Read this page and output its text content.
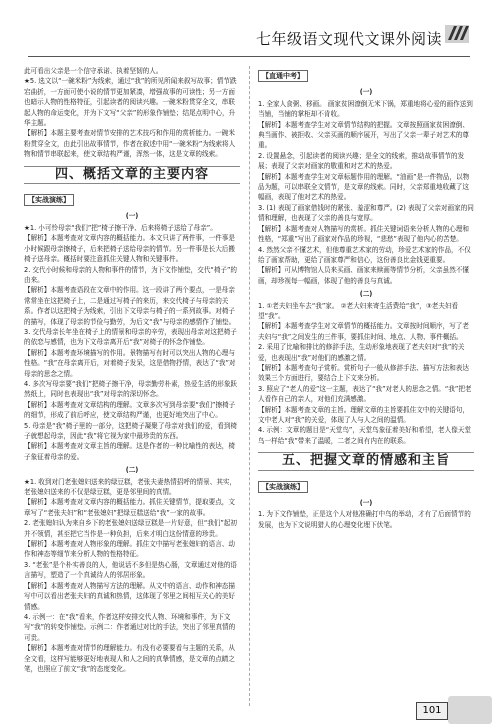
七年级语文现代文课外阅读

此可看出父亲是一个信守承诺、执着坚韧的人。

★5. 选文以“一碗米粉”为线索，通过“我”的所见所闻来叙写故事；情节跌宕曲折，一方面可使小说的情节更加紧凑，增强故事的可读性；另一方面也暗示人物的性格特征，引起读者的阅读兴趣。一碗米粉贯穿全文，串联起人物的命运变化，并为下文写“父亲”的形象作铺垫；结尾点明中心，升华主题。

【解析】本题主要考查对情节安排的艺术技巧和作用的赏析能力。一碗米粉贯穿全文，由此引出故事情节，作者在叙述中用“一碗米粉”为线索将人物和情节串联起来，使文章结构严谨，浑然一体，这是文章的线索。

四、概括文章的主要内容
【实战演练】
(一)

★1. 小可怜母亲“我们”把“椅子擦干净、后来将椅子送给了母亲”。

【解析】本题考查对文章内容的概括能力。本文只讲了两件事，一件事是小时候跟母亲擦椅子，后来把椅子送给母亲的情节。另一件事是长大后搬椅子送母亲。概括时要注意抓住关键人物和关键事件。

2. 交代小时候和母亲的人物和事件的情节，为下文作铺垫，交代“椅子”的由来。

【解析】本题考查语段在文章中的作用。这一段讲了两个要点，一是母亲常常坐在这把椅子上，二是通过写椅子的来历，来交代椅子与母亲的关系。作者以这把椅子为线索，引出下文母亲与椅子的一系列故事。对椅子的描写，体现了母亲的节俭与勤劳，为后文“我”与母亲的感情作了铺垫。

3. 交代母亲长年坐在椅子上的情景和母亲的辛劳，表现出母亲对这把椅子的依恋与感情，也为下文母亲离开后“我”对椅子的怀念作铺垫。

【解析】本题考查环境描写的作用。景物描写有时可以突出人物的心理与性格。“我”在母亲离开后，对着椅子发呆，这是借物抒情，表达了“我”对母亲的思念之情。

4. 多次写母亲要“我们”把椅子擦干净，母亲勤劳朴素，热爱生活的形象跃然纸上，同时也表现出“我”对母亲的深切怀念。

【解析】本题考查对文章结构的理解。文章多次写到母亲要“我们”擦椅子的细节，形成了前后呼应，使文章结构严谨，也更好地突出了中心。

5. 母亲是“我”椅子里的一部分，这把椅子凝聚了母亲对我们的爱，看到椅子就想起母亲，因此“我”将它视为家中最珍贵的东西。

【解析】本题考查对文章主旨的理解。这是作者的一种比喻性的表达，椅子象征着母亲的爱。

(二)

★1. 收到对门老张媳妇送来的绿豆糕，老张夫妻热情招呼的情景、其实，老张媳妇送来的不仅是绿豆糕，更是邻里间的真情。

【解析】本题考查对文章内容的概括能力。抓住关键情节，提取要点，文章写了“老张夫妇”和“老张媳妇”把绿豆糕送给“我”一家的故事。

2. 老张媳妇认为来自乡下的老张媳妇送绿豆糕是一片好意，但“我们”起初并不领情，甚至把它当作是一种负担，后来才明白这份情意的珍贵。

【解析】本题考查对人物形象的理解。抓住文中描写老张媳妇的语言、动作和神态等细节来分析人物的性格特征。

3. “老张”是个朴实善良的人，他说话不多但是热心肠，文章通过对他的语言描写，塑造了一个真诚待人的邻居形象。

【解析】本题考查对人物描写方法的理解。从文中的语言、动作和神态描写中可以看出老张夫妇的真诚和热情，这体现了邻里之间相互关心的美好情感。

4. 示例一：在“我”看来，作者这样安排交代人物、环境和事件，为下文写“我”的转变作铺垫。示例二：作者通过对比的手法，突出了邻里真情的可贵。

【解析】本题考查对情节的理解能力。有没有必要要看与主题的关系，从全文看，这样写能够更好地表现人和人之间的真挚情感，是文章的点睛之笔，也照应了前文“我”的态度变化。

【直通中考】
(一)

1. 全家人食粥、移画。 画家贫困潦倒无米下锅，郑重地将心爱的画作送到当铺，当铺的掌柜却不肯收。

【解析】本题考查学生对文章情节结构的把握。文章按照画家贫困潦倒、典当画作、被拒收、父亲买画的顺序展开，写出了父亲一辈子对艺术的尊重。

2. 设置悬念，引起读者的阅读兴趣；是全文的线索，推动故事情节的发展；表现了父亲对画家的敬重和对艺术的热爱。

【解析】本题考查学生对文章标题作用的理解。“油画”是一件物品，以物品为题，可以串联全文情节，是文章的线索。同时，父亲郑重地收藏了这幅画，表现了他对艺术的热爱。

3. (1) 表现了画家借钱时的紧张、羞涩和尊严。(2) 表现了父亲对画家的同情和理解，也表现了父亲的善良与宽厚。

【解析】本题考查对人物描写的赏析。抓住关键词语来分析人物的心理和性格，“郑重”写出了画家对作品的珍视，“悲愁”表现了他内心的苦楚。

4. 然然父亲不懂艺术，但他尊重艺术家的劳动，珍爱艺术家的作品，不仅给了画家帮助，更给了画家尊严和信心，这份善良比金钱更重要。

【解析】可从博物馆人员来买画、画家来赎画等情节分析，父亲虽然不懂画，却珍视每一幅画，体现了他的善良与真诚。

(二)

1. ①老夫妇坐车去“我”家。 ②老大妇来寄生活费给“我”，③老夫妇看望“我”。

【解析】本题考查学生对文章情节的概括能力。文章按时间顺序，写了老夫妇与“我”之间发生的三件事，要抓住时间、地点、人物、事件概括。

2. 采用了比喻和排比的修辞手法，生动形象地表现了老夫妇对“我”的关爱，也表现出“我”对他们的感激之情。

【解析】本题考查句子赏析。赏析句子一般从修辞手法、描写方法和表达效果三个方面进行，要结合上下文来分析。

3. 照应了“老人的爱”这一主题，表达了“我”对老人的思念之情。“我”把老人看作自己的亲人，对他们充满感激。

【解析】本题考查文章的主旨。理解文章的主旨要抓住文中的关键语句，文中老人对“我”的关爱，体现了人与人之间的温情。

4. 示例：文章的题目是“天堂鸟”，天堂鸟象征着美好和希望，老人像天堂鸟一样给“我”带来了温暖，二者之间有内在的联系。

五、把握文章的情感和主旨
【实战演练】
(一)

1. 为下文作铺垫，正是这个人对他准确打中鸟的举动，才有了后面情节的发展，也为下文说明猎人的心理变化埋下伏笔。

101
